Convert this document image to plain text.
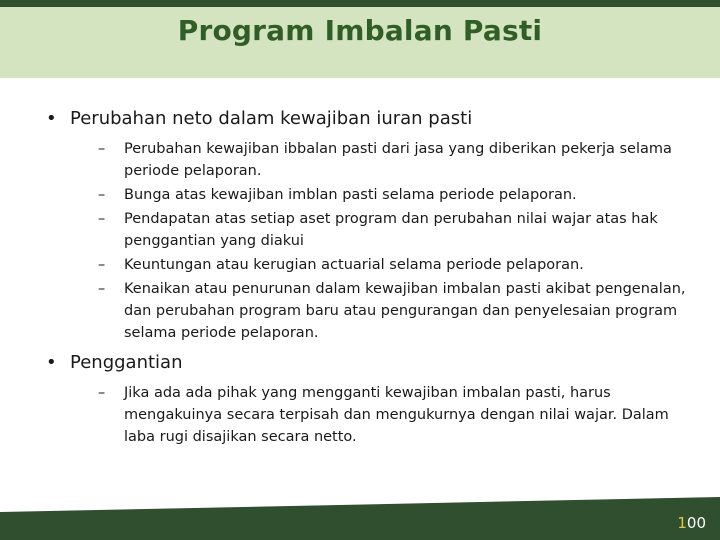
Program Imbalan Pasti
• Perubahan neto dalam kewajiban iuran pasti
– Perubahan kewajiban ibbalan pasti dari jasa yang diberikan pekerja selama periode pelaporan.
– Bunga atas kewajiban imblan pasti selama periode pelaporan.
– Pendapatan atas setiap aset program dan perubahan nilai wajar atas hak penggantian yang diakui
– Keuntungan atau kerugian actuarial selama periode pelaporan.
– Kenaikan atau penurunan dalam kewajiban imbalan pasti akibat pengenalan, dan perubahan program baru atau pengurangan dan penyelesaian program selama periode pelaporan.
• Penggantian
– Jika ada ada pihak yang mengganti kewajiban imbalan pasti, harus mengakuinya secara terpisah dan mengukurnya dengan nilai wajar. Dalam laba rugi disajikan secara netto.
100
